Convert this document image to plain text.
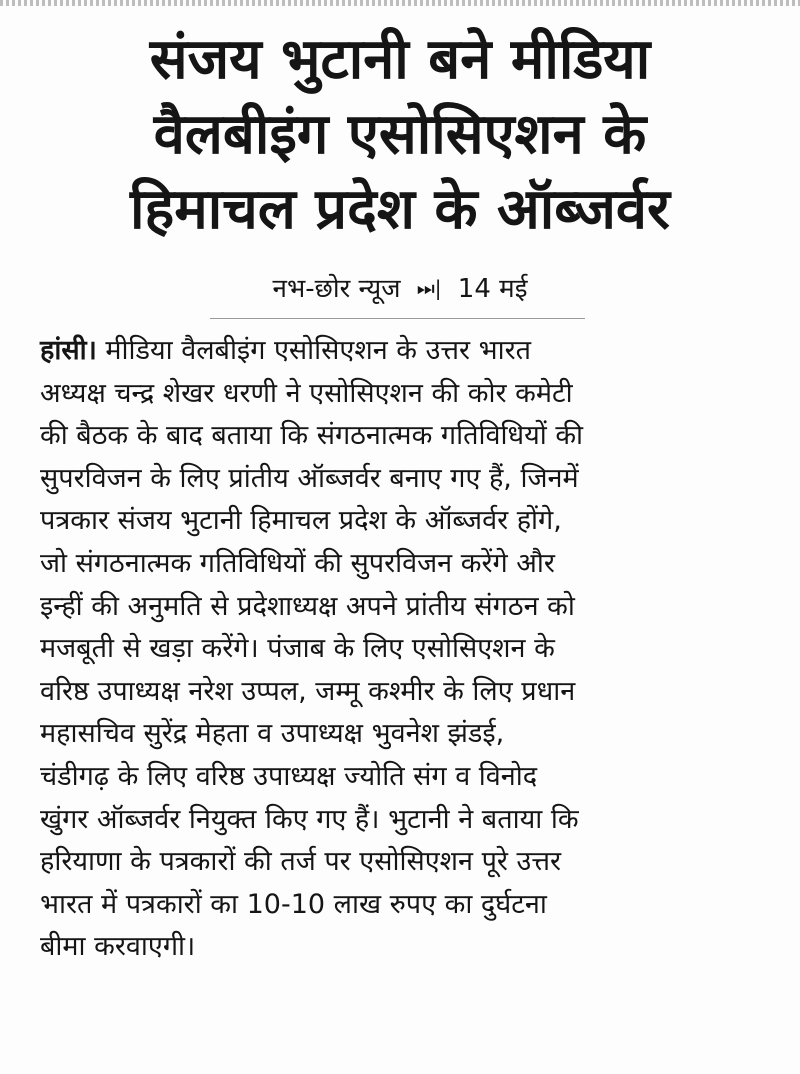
संजय भुटानी बने मीडिया
वैलबीइंग एसोसिएशन के
हिमाचल प्रदेश के ऑब्जर्वर
नभ-छोर न्यूज ⏭| 14 मई
हांसी। मीडिया वैलबीइंग एसोसिएशन के उत्तर भारत
अध्यक्ष चन्द्र शेखर धरणी ने एसोसिएशन की कोर कमेटी
की बैठक के बाद बताया कि संगठनात्मक गतिविधियों की
सुपरविजन के लिए प्रांतीय ऑब्जर्वर बनाए गए हैं, जिनमें
पत्रकार संजय भुटानी हिमाचल प्रदेश के ऑब्जर्वर होंगे,
जो संगठनात्मक गतिविधियों की सुपरविजन करेंगे और
इन्हीं की अनुमति से प्रदेशाध्यक्ष अपने प्रांतीय संगठन को
मजबूती से खड़ा करेंगे। पंजाब के लिए एसोसिएशन के
वरिष्ठ उपाध्यक्ष नरेश उप्पल, जम्मू कश्मीर के लिए प्रधान
महासचिव सुरेंद्र मेहता व उपाध्यक्ष भुवनेश झंडई,
चंडीगढ़ के लिए वरिष्ठ उपाध्यक्ष ज्योति संग व विनोद
खुंगर ऑब्जर्वर नियुक्त किए गए हैं। भुटानी ने बताया कि
हरियाणा के पत्रकारों की तर्ज पर एसोसिएशन पूरे उत्तर
भारत में पत्रकारों का 10-10 लाख रुपए का दुर्घटना
बीमा करवाएगी।
